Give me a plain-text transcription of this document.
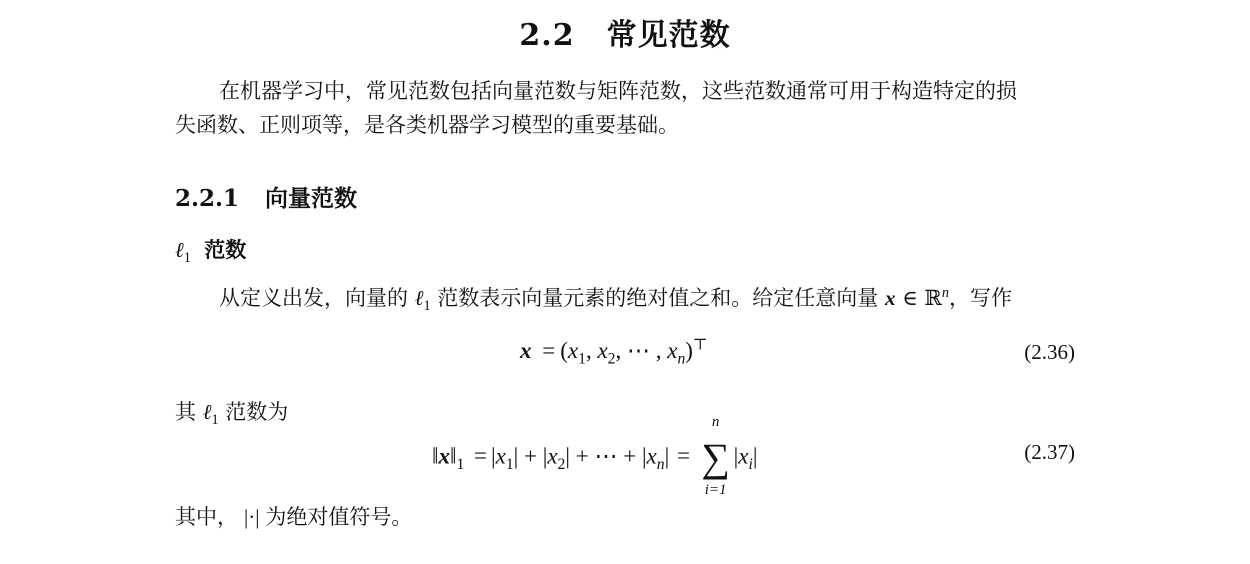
2.2 常见范数
在机器学习中，常见范数包括向量范数与矩阵范数，这些范数通常可用于构造特定的损
失函数、正则项等，是各类机器学习模型的重要基础。
2.2.1 向量范数
ℓ$_1$ 范数
从定义出发，向量的 ℓ$_1$ 范数表示向量元素的绝对值之和。给定任意向量 x ∈ ℝ$^n$，写作
$x = (x_1$, $x_2$, ⋯ , $x_n)^⊤$	(2.36)
其 ℓ$_1$ 范数为
$‖x‖_1 = |x_1| + |x_2|$ + ⋯ + $|x_n|$ =
n
∑
i=1
$|x_i|$	(2.37)
其中， |·| 为绝对值符号。
